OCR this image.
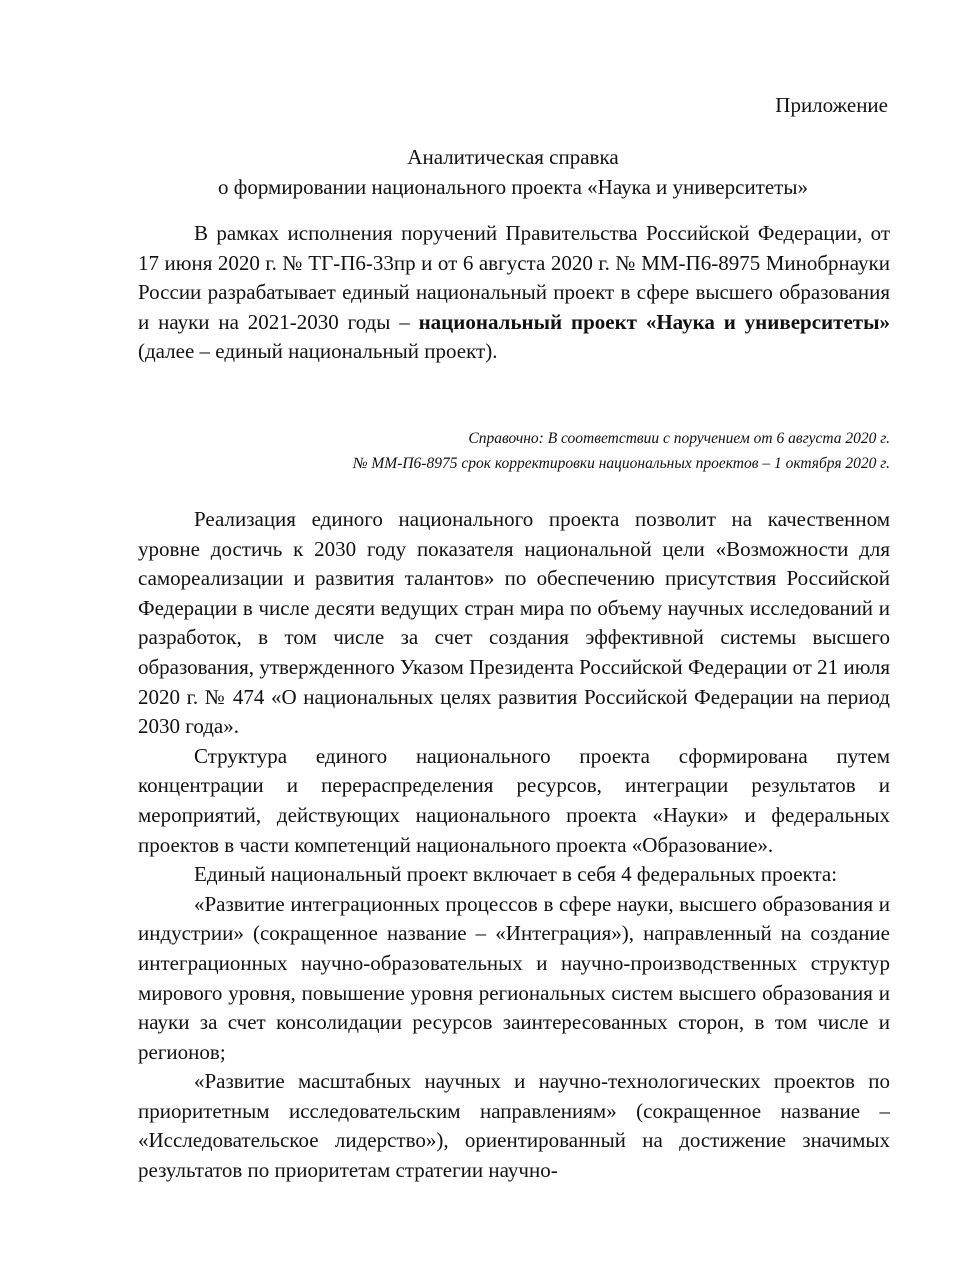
Приложение
Аналитическая справка
о формировании национального проекта «Наука и университеты»

В рамках исполнения поручений Правительства Российской Федерации, от 17 июня 2020 г. № ТГ-П6-33пр и от 6 августа 2020 г. № ММ-П6-8975 Минобрнауки России разрабатывает единый национальный проект в сфере высшего образования и науки на 2021-2030 годы – национальный проект «Наука и университеты» (далее – единый национальный проект).

Справочно: В соответствии с поручением от 6 августа 2020 г.
№ ММ-П6-8975 срок корректировки национальных проектов – 1 октября 2020 г.

Реализация единого национального проекта позволит на качественном уровне достичь к 2030 году показателя национальной цели «Возможности для самореализации и развития талантов» по обеспечению присутствия Российской Федерации в числе десяти ведущих стран мира по объему научных исследований и разработок, в том числе за счет создания эффективной системы высшего образования, утвержденного Указом Президента Российской Федерации от 21 июля 2020 г. № 474 «О национальных целях развития Российской Федерации на период 2030 года».

Структура единого национального проекта сформирована путем концентрации и перераспределения ресурсов, интеграции результатов и мероприятий, действующих национального проекта «Науки» и федеральных проектов в части компетенций национального проекта «Образование».

Единый национальный проект включает в себя 4 федеральных проекта:

«Развитие интеграционных процессов в сфере науки, высшего образования и индустрии» (сокращенное название – «Интеграция»), направленный на создание интеграционных научно-образовательных и научно-производственных структур мирового уровня, повышение уровня региональных систем высшего образования и науки за счет консолидации ресурсов заинтересованных сторон, в том числе и регионов;

«Развитие масштабных научных и научно-технологических проектов по приоритетным исследовательским направлениям» (сокращенное название – «Исследовательское лидерство»), ориентированный на достижение значимых результатов по приоритетам стратегии научно-
